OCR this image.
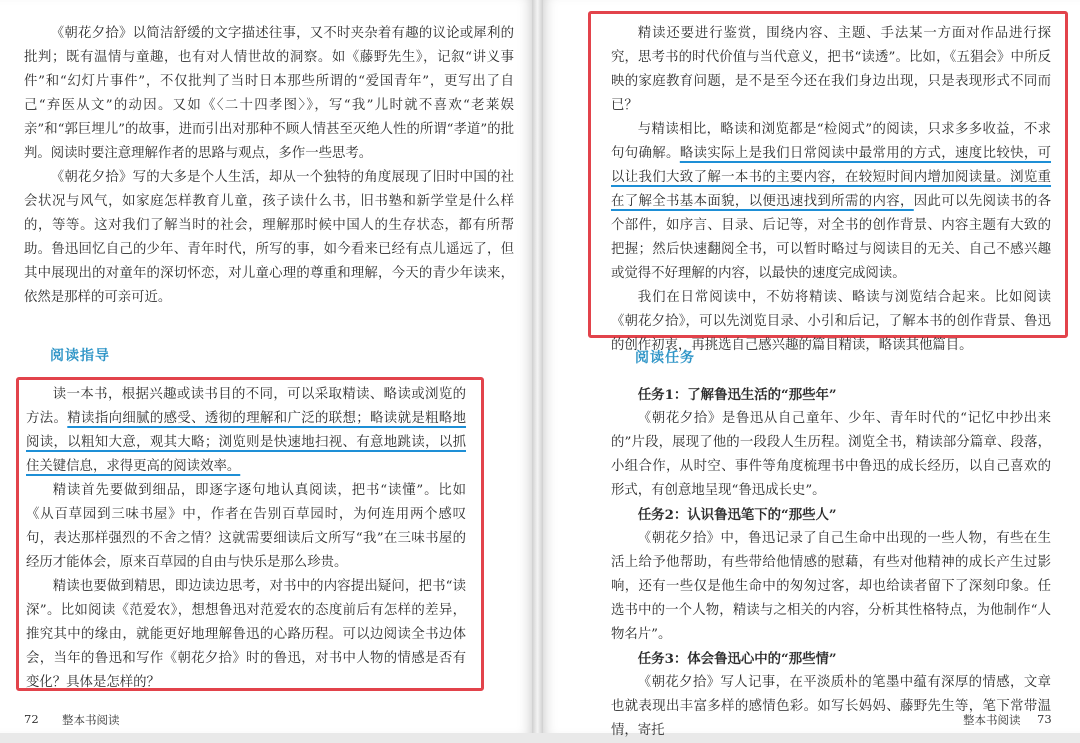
《朝花夕拾》以简洁舒缓的文字描述往事，又不时夹杂着有趣的议论或犀利的批判；既有温情与童趣，也有对人情世故的洞察。如《藤野先生》，记叙“讲义事件”和“幻灯片事件”，不仅批判了当时日本那些所谓的“爱国青年”，更写出了自己“弃医从文”的动因。又如《〈二十四孝图〉》，写“我”儿时就不喜欢“老莱娱亲”和“郭巨埋儿”的故事，进而引出对那种不顾人情甚至灭绝人性的所谓“孝道”的批判。阅读时要注意理解作者的思路与观点，多作一些思考。

《朝花夕拾》写的大多是个人生活，却从一个独特的角度展现了旧时中国的社会状况与风气，如家庭怎样教育儿童，孩子读什么书，旧书塾和新学堂是什么样的，等等。这对我们了解当时的社会，理解那时候中国人的生存状态，都有所帮助。鲁迅回忆自己的少年、青年时代，所写的事，如今看来已经有点儿遥远了，但其中展现出的对童年的深切怀恋，对儿童心理的尊重和理解，今天的青少年读来，依然是那样的可亲可近。

阅读指导

读一本书，根据兴趣或读书目的不同，可以采取精读、略读或浏览的方法。精读指向细腻的感受、透彻的理解和广泛的联想；略读就是粗略地阅读，以粗知大意，观其大略；浏览则是快速地扫视、有意地跳读，以抓住关键信息，求得更高的阅读效率。

精读首先要做到细品，即逐字逐句地认真阅读，把书“读懂”。比如《从百草园到三味书屋》中，作者在告别百草园时，为何连用两个感叹句，表达那样强烈的不舍之情？这就需要细读后文所写“我”在三味书屋的经历才能体会，原来百草园的自由与快乐是那么珍贵。

精读也要做到精思，即边读边思考，对书中的内容提出疑问，把书“读深”。比如阅读《范爱农》，想想鲁迅对范爱农的态度前后有怎样的差异，推究其中的缘由，就能更好地理解鲁迅的心路历程。可以边阅读全书边体会，当年的鲁迅和写作《朝花夕拾》时的鲁迅，对书中人物的情感是否有变化？具体是怎样的？

72 整本书阅读

精读还要进行鉴赏，围绕内容、主题、手法某一方面对作品进行探究，思考书的时代价值与当代意义，把书“读透”。比如，《五猖会》中所反映的家庭教育问题，是不是至今还在我们身边出现，只是表现形式不同而已？

与精读相比，略读和浏览都是“检阅式”的阅读，只求多多收益，不求句句确解。略读实际上是我们日常阅读中最常用的方式，速度比较快，可以让我们大致了解一本书的主要内容，在较短时间内增加阅读量。浏览重在了解全书基本面貌，以便迅速找到所需的内容，因此可以先阅读书的各个部件，如序言、目录、后记等，对全书的创作背景、内容主题有大致的把握；然后快速翻阅全书，可以暂时略过与阅读目的无关、自己不感兴趣或觉得不好理解的内容，以最快的速度完成阅读。

我们在日常阅读中，不妨将精读、略读与浏览结合起来。比如阅读《朝花夕拾》，可以先浏览目录、小引和后记，了解本书的创作背景、鲁迅的创作初衷，再挑选自己感兴趣的篇目精读，略读其他篇目。

阅读任务

任务1：了解鲁迅生活的“那些年”

《朝花夕拾》是鲁迅从自己童年、少年、青年时代的“记忆中抄出来的”片段，展现了他的一段段人生历程。浏览全书，精读部分篇章、段落，小组合作，从时空、事件等角度梳理书中鲁迅的成长经历，以自己喜欢的形式，有创意地呈现“鲁迅成长史”。

任务2：认识鲁迅笔下的“那些人”

《朝花夕拾》中，鲁迅记录了自己生命中出现的一些人物，有些在生活上给予他帮助，有些带给他情感的慰藉，有些对他精神的成长产生过影响，还有一些仅是他生命中的匆匆过客，却也给读者留下了深刻印象。任选书中的一个人物，精读与之相关的内容，分析其性格特点，为他制作“人物名片”。

任务3：体会鲁迅心中的“那些情”

《朝花夕拾》写人记事，在平淡质朴的笔墨中蕴有深厚的情感，文章也就表现出丰富多样的感情色彩。如写长妈妈、藤野先生等，笔下常带温情，寄托

整本书阅读 73
